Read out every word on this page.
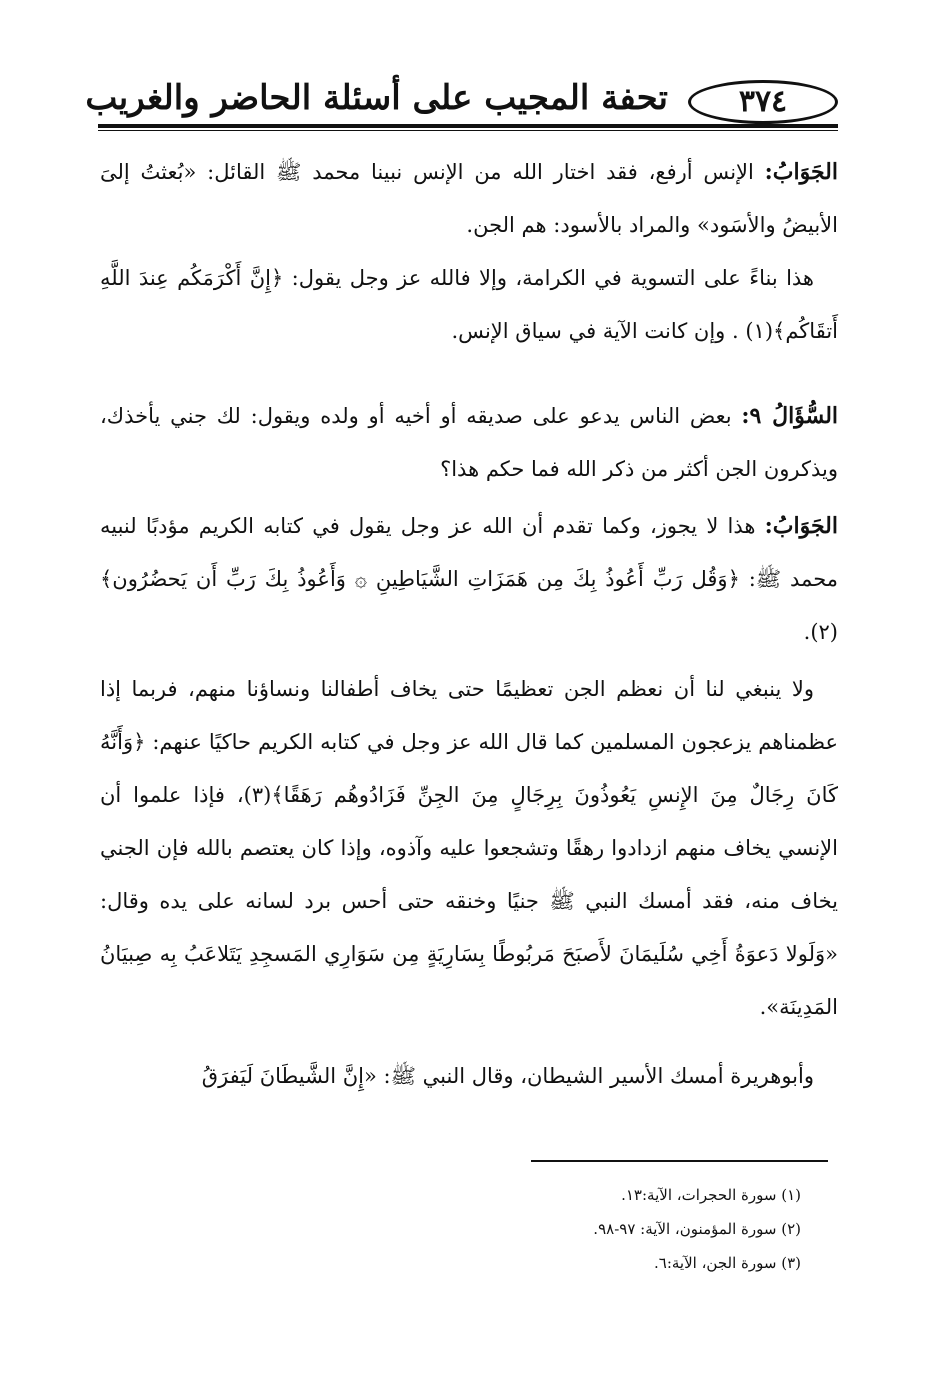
تحفة المجيب على أسئلة الحاضر والغريب	٣٧٤

الجَوَابُ: الإنس أرفع، فقد اختار الله من الإنس نبينا محمد ﷺ القائل: «بُعثتُ إلىَ الأبيضُ والأسَود» والمراد بالأسود: هم الجن.

هذا بناءً على التسوية في الكرامة، وإلا فالله عز وجل يقول: ﴿إِنَّ أَكْرَمَكُم عِندَ اللَّهِ أَتقَاكُم﴾(١) . وإن كانت الآية في سياق الإنس.

السُّؤَالُ ٩: بعض الناس يدعو على صديقه أو أخيه أو ولده ويقول: لك جني يأخذك، ويذكرون الجن أكثر من ذكر الله فما حكم هذا؟

الجَوَابُ: هذا لا يجوز، وكما تقدم أن الله عز وجل يقول في كتابه الكريم مؤدبًا لنبيه محمد ﷺ: ﴿وَقُل رَبِّ أَعُوذُ بِكَ مِن هَمَزَاتِ الشَّيَاطِينِ ۞ وَأَعُوذُ بِكَ رَبِّ أَن يَحضُرُون﴾(٢).

ولا ينبغي لنا أن نعظم الجن تعظيمًا حتى يخاف أطفالنا ونساؤنا منهم، فربما إذا عظمناهم يزعجون المسلمين كما قال الله عز وجل في كتابه الكريم حاكيًا عنهم: ﴿وَأَنَّهُ كَانَ رِجَالٌ مِنَ الإِنسِ يَعُوذُونَ بِرِجَالٍ مِنَ الجِنِّ فَزَادُوهُم رَهَقًا﴾(٣)، فإذا علموا أن الإنسي يخاف منهم ازدادوا رهقًا وتشجعوا عليه وآذوه، وإذا كان يعتصم بالله فإن الجني يخاف منه، فقد أمسك النبي ﷺ جنيًا وخنقه حتى أحس برد لسانه على يده وقال: «وَلَولا دَعوَةُ أَخِي سُلَيمَانَ لأَصبَحَ مَربُوطًا بِسَارِيَةٍ مِن سَوَارِي المَسجِدِ يَتَلاعَبُ بِه صِبيَانُ المَدِينَة».

وأبوهريرة أمسك الأسير الشيطان، وقال النبي ﷺ: «إِنَّ الشَّيطَانَ لَيَفرَقُ

(١) سورة الحجرات، الآية:١٣.
(٢) سورة المؤمنون، الآية: ٩٧-٩٨.
(٣) سورة الجن، الآية:٦.
